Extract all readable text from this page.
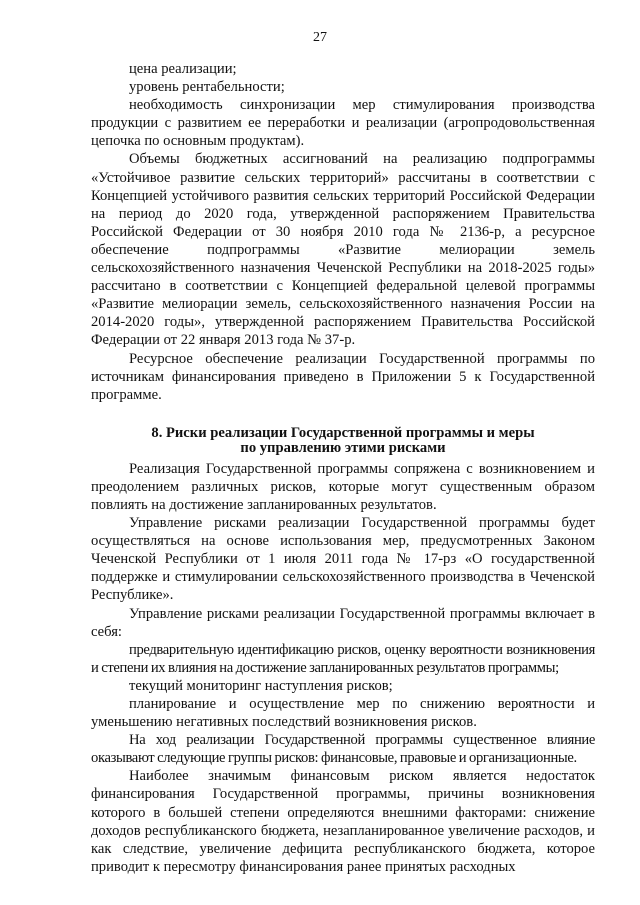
27

цена реализации;

уровень рентабельности;

необходимость синхронизации мер стимулирования производства продукции с развитием ее переработки и реализации (агропродовольственная цепочка по основным продуктам).

Объемы бюджетных ассигнований на реализацию подпрограммы «Устойчивое развитие сельских территорий» рассчитаны в соответствии с Концепцией устойчивого развития сельских территорий Российской Федерации на период до 2020 года, утвержденной распоряжением Правительства Российской Федерации от 30 ноября 2010 года № 2136-р, а ресурсное обеспечение подпрограммы «Развитие мелиорации земель сельскохозяйственного назначения Чеченской Республики на 2018-2025 годы» рассчитано в соответствии с Концепцией федеральной целевой программы «Развитие мелиорации земель, сельскохозяйственного назначения России на 2014-2020 годы», утвержденной распоряжением Правительства Российской Федерации от 22 января 2013 года № 37-р.

Ресурсное обеспечение реализации Государственной программы по источникам финансирования приведено в Приложении 5 к Государственной программе.

8. Риски реализации Государственной программы и меры
по управлению этими рисками

Реализация Государственной программы сопряжена с возникновением и преодолением различных рисков, которые могут существенным образом повлиять на достижение запланированных результатов.

Управление рисками реализации Государственной программы будет осуществляться на основе использования мер, предусмотренных Законом Чеченской Республики от 1 июля 2011 года № 17-рз «О государственной поддержке и стимулировании сельскохозяйственного производства в Чеченской Республике».

Управление рисками реализации Государственной программы включает в себя:

предварительную идентификацию рисков, оценку вероятности возникновения и степени их влияния на достижение запланированных результатов программы;

текущий мониторинг наступления рисков;

планирование и осуществление мер по снижению вероятности и уменьшению негативных последствий возникновения рисков.

На ход реализации Государственной программы существенное влияние оказывают следующие группы рисков: финансовые, правовые и организационные.

Наиболее значимым финансовым риском является недостаток финансирования Государственной программы, причины возникновения которого в большей степени определяются внешними факторами: снижение доходов республиканского бюджета, незапланированное увеличение расходов, и как следствие, увеличение дефицита республиканского бюджета, которое приводит к пересмотру финансирования ранее принятых расходных
